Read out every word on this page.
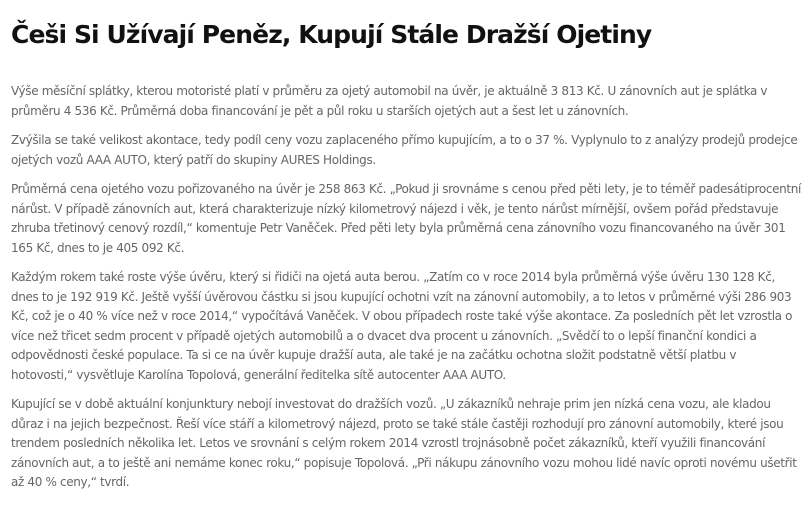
Češi Si Užívají Peněz, Kupují Stále Dražší Ojetiny

Výše měsíční splátky, kterou motoristé platí v průměru za ojetý automobil na úvěr, je aktuálně 3 813 Kč. U zánovních aut je splátka v průměru 4 536 Kč. Průměrná doba financování je pět a půl roku u starších ojetých aut a šest let u zánovních.

Zvýšila se také velikost akontace, tedy podíl ceny vozu zaplaceného přímo kupujícím, a to o 37 %. Vyplynulo to z analýzy prodejů prodejce ojetých vozů AAA AUTO, který patří do skupiny AURES Holdings.

Průměrná cena ojetého vozu pořizovaného na úvěr je 258 863 Kč. „Pokud ji srovnáme s cenou před pěti lety, je to téměř padesátiprocentní nárůst. V případě zánovních aut, která charakterizuje nízký kilometrový nájezd i věk, je tento nárůst mírnější, ovšem pořád představuje zhruba třetinový cenový rozdíl,“ komentuje Petr Vaněček. Před pěti lety byla průměrná cena zánovního vozu financovaného na úvěr 301 165 Kč, dnes to je 405 092 Kč.

Každým rokem také roste výše úvěru, který si řidiči na ojetá auta berou. „Zatím co v roce 2014 byla průměrná výše úvěru 130 128 Kč, dnes to je 192 919 Kč. Ještě vyšší úvěrovou částku si jsou kupující ochotni vzít na zánovní automobily, a to letos v průměrné výši 286 903 Kč, což je o 40 % více než v roce 2014,“ vypočítává Vaněček. V obou případech roste také výše akontace. Za posledních pět let vzrostla o více než třicet sedm procent v případě ojetých automobilů a o dvacet dva procent u zánovních. „Svědčí to o lepší finanční kondici a odpovědnosti české populace. Ta si ce na úvěr kupuje dražší auta, ale také je na začátku ochotna složit podstatně větší platbu v hotovosti,“ vysvětluje Karolína Topolová, generální ředitelka sítě autocenter AAA AUTO.

Kupující se v době aktuální konjunktury nebojí investovat do dražších vozů. „U zákazníků nehraje prim jen nízká cena vozu, ale kladou důraz i na jejich bezpečnost. Řeší více stáří a kilometrový nájezd, proto se také stále častěji rozhodují pro zánovní automobily, které jsou trendem posledních několika let. Letos ve srovnání s celým rokem 2014 vzrostl trojnásobně počet zákazníků, kteří využili financování zánovních aut, a to ještě ani nemáme konec roku,“ popisuje Topolová. „Při nákupu zánovního vozu mohou lidé navíc oproti novému ušetřit až 40 % ceny,“ tvrdí.
